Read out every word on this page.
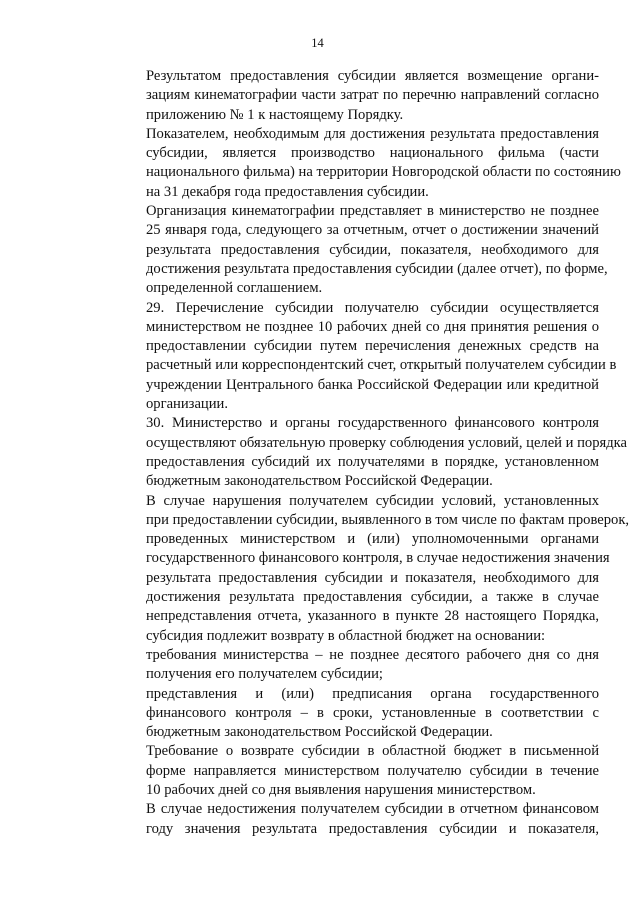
14

Результатом предоставления субсидии является возмещение органи-
зациям кинематографии части затрат по перечню направлений согласно
приложению № 1 к настоящему Порядку.

Показателем, необходимым для достижения результата предоставления
субсидии, является производство национального фильма (части
национального фильма) на территории Новгородской области по состоянию
на 31 декабря года предоставления субсидии.

Организация кинематографии представляет в министерство не позднее
25 января года, следующего за отчетным, отчет о достижении значений
результата предоставления субсидии, показателя, необходимого для
достижения результата предоставления субсидии (далее отчет), по форме,
определенной соглашением.

29. Перечисление субсидии получателю субсидии осуществляется
министерством не позднее 10 рабочих дней со дня принятия решения о
предоставлении субсидии путем перечисления денежных средств на
расчетный или корреспондентский счет, открытый получателем субсидии в
учреждении Центрального банка Российской Федерации или кредитной
организации.

30. Министерство и органы государственного финансового контроля
осуществляют обязательную проверку соблюдения условий, целей и порядка
предоставления субсидий их получателями в порядке, установленном
бюджетным законодательством Российской Федерации.

В случае нарушения получателем субсидии условий, установленных
при предоставлении субсидии, выявленного в том числе по фактам проверок,
проведенных министерством и (или) уполномоченными органами
государственного финансового контроля, в случае недостижения значения
результата предоставления субсидии и показателя, необходимого для
достижения результата предоставления субсидии, а также в случае
непредставления отчета, указанного в пункте 28 настоящего Порядка,
субсидия подлежит возврату в областной бюджет на основании:

требования министерства – не позднее десятого рабочего дня со дня
получения его получателем субсидии;

представления и (или) предписания органа государственного
финансового контроля – в сроки, установленные в соответствии с
бюджетным законодательством Российской Федерации.

Требование о возврате субсидии в областной бюджет в письменной
форме направляется министерством получателю субсидии в течение
10 рабочих дней со дня выявления нарушения министерством.

В случае недостижения получателем субсидии в отчетном финансовом
году значения результата предоставления субсидии и показателя,
